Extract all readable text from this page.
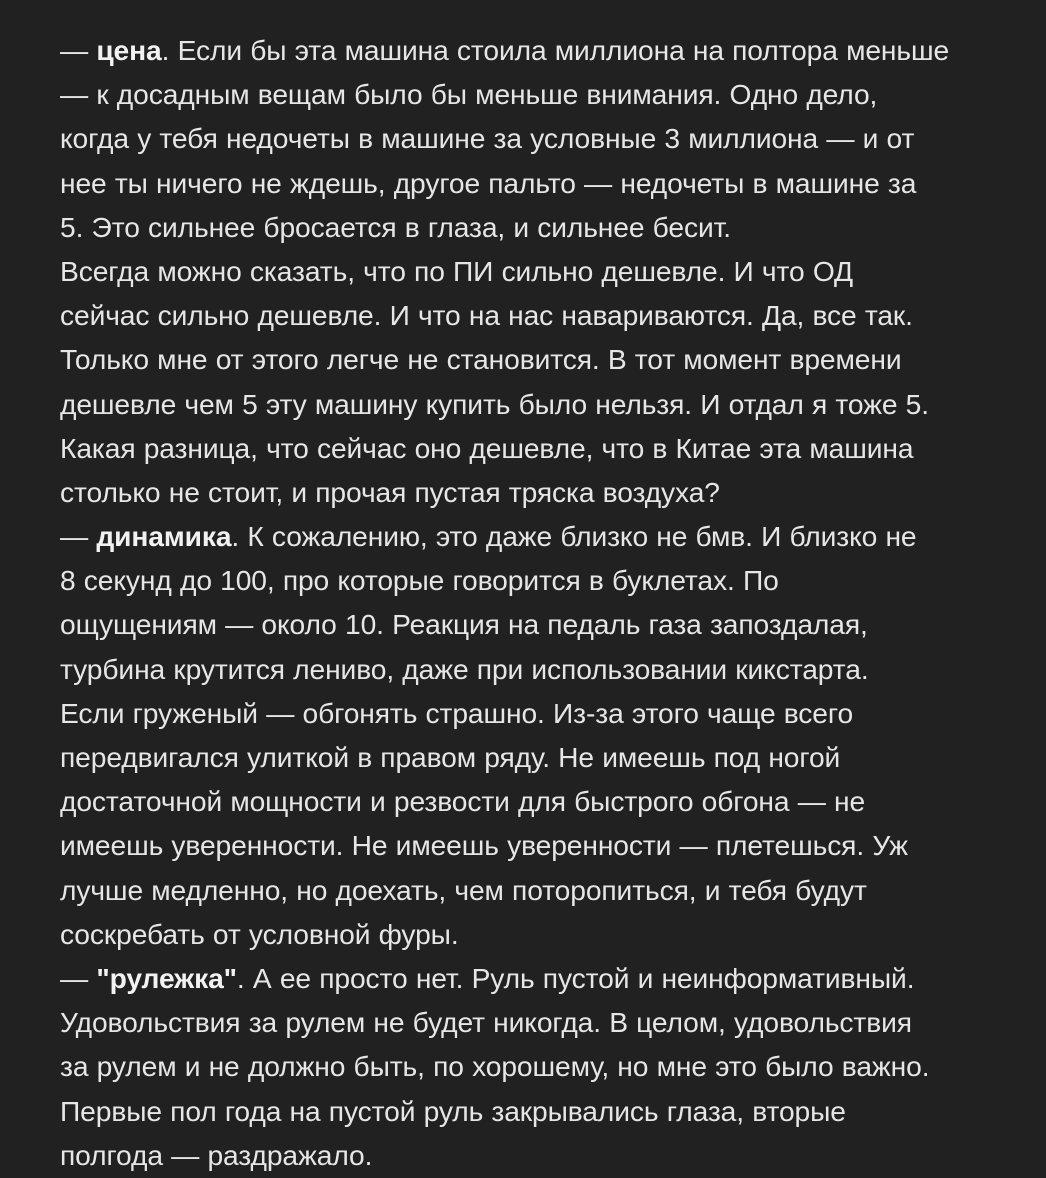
— цена. Если бы эта машина стоила миллиона на полтора меньше
— к досадным вещам было бы меньше внимания. Одно дело,
когда у тебя недочеты в машине за условные 3 миллиона — и от
нее ты ничего не ждешь, другое пальто — недочеты в машине за
5. Это сильнее бросается в глаза, и сильнее бесит.
Всегда можно сказать, что по ПИ сильно дешевле. И что ОД
сейчас сильно дешевле. И что на нас навариваются. Да, все так.
Только мне от этого легче не становится. В тот момент времени
дешевле чем 5 эту машину купить было нельзя. И отдал я тоже 5.
Какая разница, что сейчас оно дешевле, что в Китае эта машина
столько не стоит, и прочая пустая тряска воздуха?
— динамика. К сожалению, это даже близко не бмв. И близко не
8 секунд до 100, про которые говорится в буклетах. По
ощущениям — около 10. Реакция на педаль газа запоздалая,
турбина крутится лениво, даже при использовании кикстарта.
Если груженый — обгонять страшно. Из-за этого чаще всего
передвигался улиткой в правом ряду. Не имеешь под ногой
достаточной мощности и резвости для быстрого обгона — не
имеешь уверенности. Не имеешь уверенности — плетешься. Уж
лучше медленно, но доехать, чем поторопиться, и тебя будут
соскребать от условной фуры.
— "рулежка". А ее просто нет. Руль пустой и неинформативный.
Удовольствия за рулем не будет никогда. В целом, удовольствия
за рулем и не должно быть, по хорошему, но мне это было важно.
Первые пол года на пустой руль закрывались глаза, вторые
полгода — раздражало.
